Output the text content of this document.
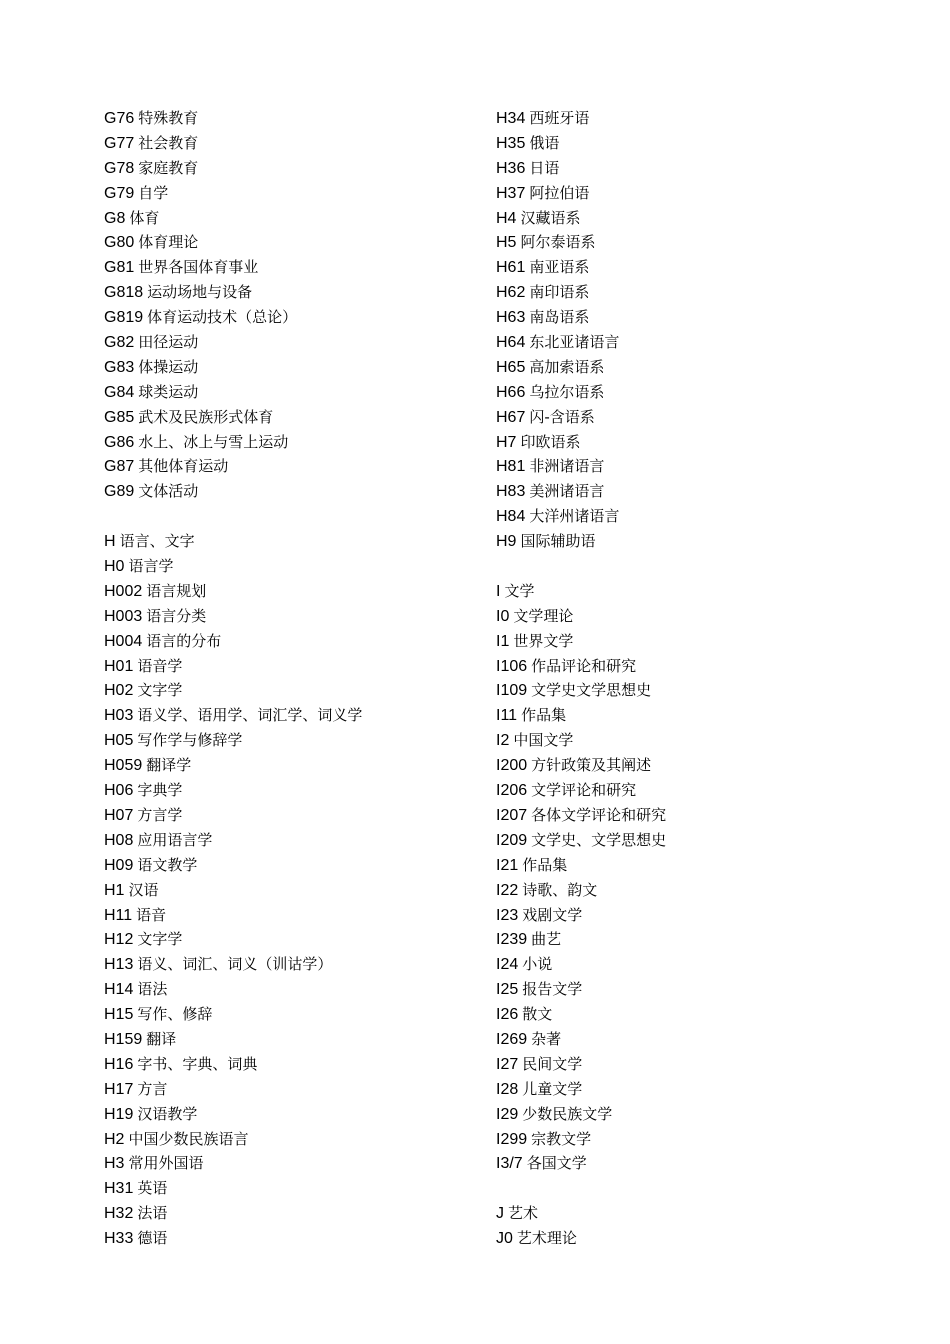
G76 特殊教育
G77 社会教育
G78 家庭教育
G79 自学
G8 体育
G80 体育理论
G81 世界各国体育事业
G818 运动场地与设备
G819 体育运动技术（总论）
G82 田径运动
G83 体操运动
G84 球类运动
G85 武术及民族形式体育
G86 水上、冰上与雪上运动
G87 其他体育运动
G89 文体活动
H 语言、文字
H0 语言学
H002 语言规划
H003 语言分类
H004 语言的分布
H01 语音学
H02 文字学
H03 语义学、语用学、词汇学、词义学
H05 写作学与修辞学
H059 翻译学
H06 字典学
H07 方言学
H08 应用语言学
H09 语文教学
H1 汉语
H11 语音
H12 文字学
H13 语义、词汇、词义（训诂学）
H14 语法
H15 写作、修辞
H159 翻译
H16 字书、字典、词典
H17 方言
H19 汉语教学
H2 中国少数民族语言
H3 常用外国语
H31 英语
H32 法语
H33 德语
H34 西班牙语
H35 俄语
H36 日语
H37 阿拉伯语
H4 汉藏语系
H5 阿尔泰语系
H61 南亚语系
H62 南印语系
H63 南岛语系
H64 东北亚诸语言
H65 高加索语系
H66 乌拉尔语系
H67 闪-含语系
H7 印欧语系
H81 非洲诸语言
H83 美洲诸语言
H84 大洋州诸语言
H9 国际辅助语
I 文学
I0 文学理论
I1 世界文学
I106 作品评论和研究
I109 文学史文学思想史
I11 作品集
I2 中国文学
I200 方针政策及其阐述
I206 文学评论和研究
I207 各体文学评论和研究
I209 文学史、文学思想史
I21 作品集
I22 诗歌、韵文
I23 戏剧文学
I239 曲艺
I24 小说
I25 报告文学
I26 散文
I269 杂著
I27 民间文学
I28 儿童文学
I29 少数民族文学
I299 宗教文学
I3/7 各国文学
J 艺术
J0 艺术理论
